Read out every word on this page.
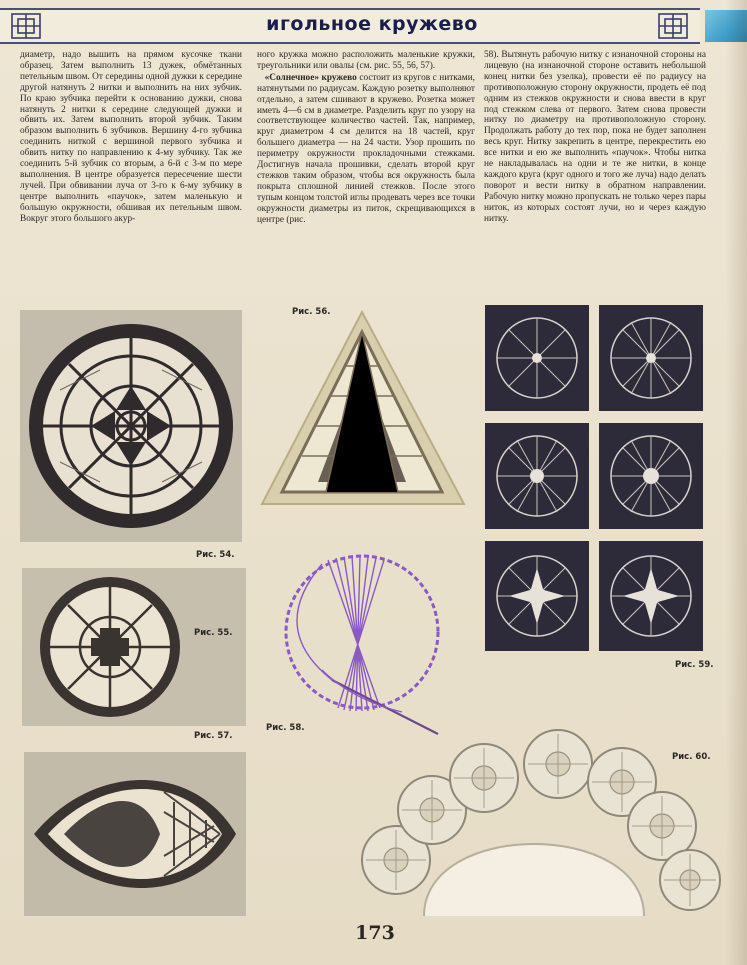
игольное кружево
диаметр, надо вышить на прямом кусочке ткани образец. Затем выполнить 13 дужек, обмётанных петельным швом. От середины одной дужки к середине другой натянуть 2 нитки и выполнить на них зубчик. По краю зубчика перейти к основанию дужки, снова натянуть 2 нитки к середине следующей дужки и обвить их. Затем выполнить второй зубчик. Таким образом выполнить 6 зубчиков. Вершину 4-го зубчика соединить ниткой с вершиной первого зубчика и обвить нитку по направлению к 4-му зубчику. Так же соединить 5-й зубчик со вторым, а 6-й с 3-м по мере выполнения. В центре образуется пересечение шести лучей. При обвивании луча от 3-го к 6-му зубчику в центре выполнить «паучок», затем маленькую и большую окружности, обшивая их петельным швом. Вокруг этого большого акур-
ного кружка можно расположить маленькие кружки, треугольники или овалы (см. рис. 55, 56, 57).
«Солнечное» кружево состоит из кругов с нитками, натянутыми по радиусам. Каждую розетку выполняют отдельно, а затем сшивают в кружево. Розетка может иметь 4—6 см в диаметре. Разделить круг по узору на соответствующее количество частей. Так, например, круг диаметром 4 см делится на 18 частей, круг большего диаметра — на 24 части. Узор прошить по периметру окружности прокладочными стежками. Достигнув начала прошивки, сделать второй круг стежков таким образом, чтобы вся окружность была покрыта сплошной линией стежков. После этого тупым концом толстой иглы продевать через все точки окружности диаметры из питок, скрещивающихся в центре (рис.
58). Вытянуть рабочую нитку с изнаночной стороны на лицевую (на изнаночной стороне оставить небольшой конец нитки без узелка), провести её по радиусу на противоположную сторону окружности, продеть её под одним из стежков окружности и снова ввести в круг под стежком слева от первого. Затем снова провести нитку по диаметру на противоположную сторону. Продолжать работу до тех пор, пока не будет заполнен весь круг. Нитку закрепить в центре, перекрестить ею все нитки и ею же выполнить «паучок». Чтобы нитка не накладывалась на одни и те же нитки, в конце каждого круга (круг одного и того же луча) надо делать поворот и вести нитку в обратном направлении. Рабочую нитку можно пропускать не только через пары ниток, из которых состоят лучи, но и через каждую нитку.
Рис. 54.
Рис. 56.
Рис. 59.
Рис. 55.
Рис. 57.
Рис. 58.
Рис. 60.
173
